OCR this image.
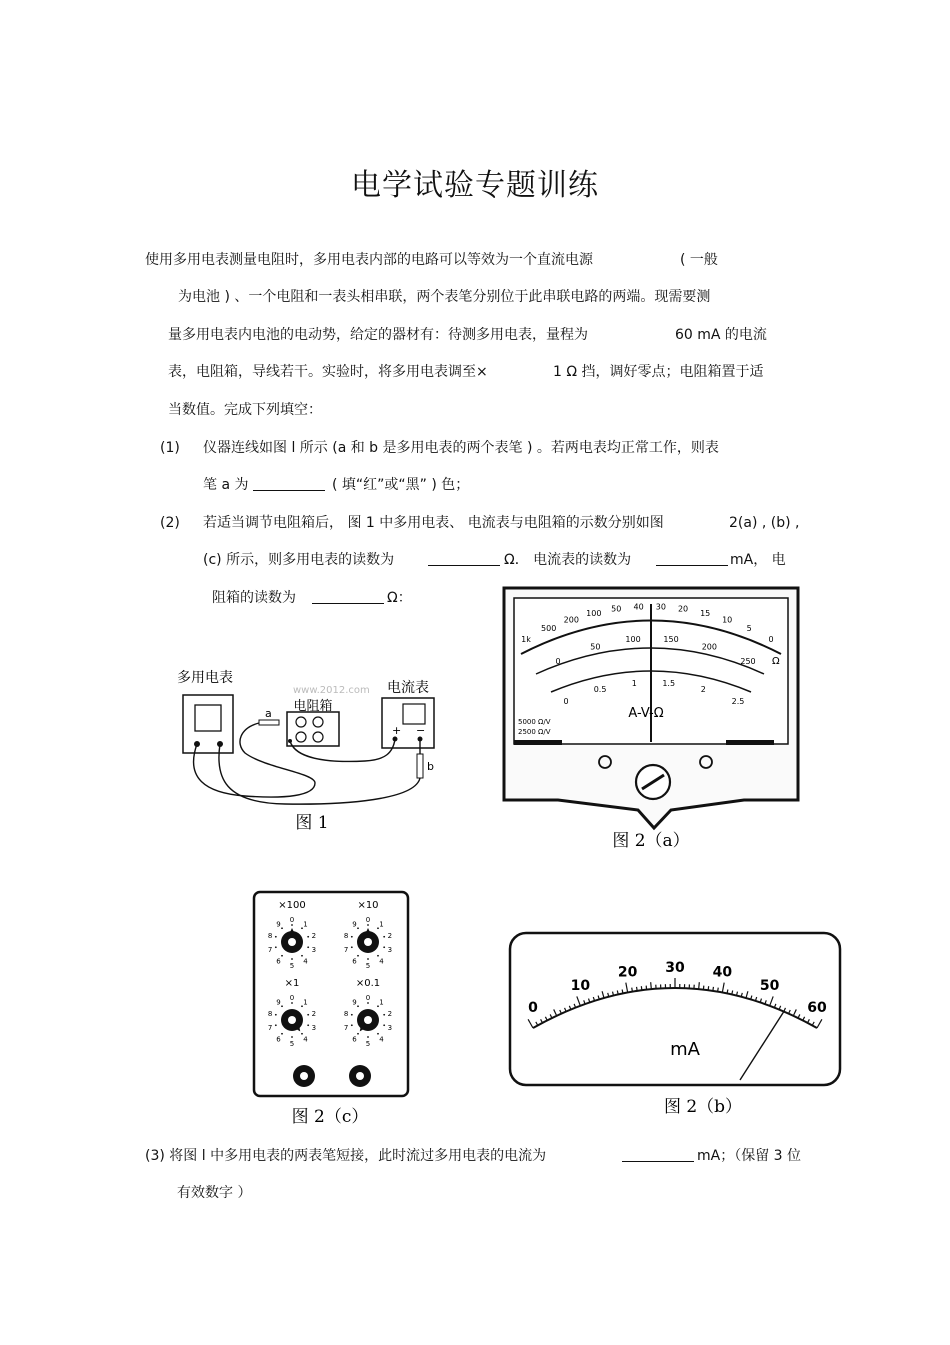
电学试验专题训练
使用多用电表测量电阻时，多用电表内部的电路可以等效为一个直流电源	( 一般
为电池 ) 、一个电阻和一表头相串联，两个表笔分别位于此串联电路的两端。现需要测
量多用电表内电池的电动势，给定的器材有：待测多用电表，量程为	60 mA 的电流
表，电阻箱，导线若干。实验时，将多用电表调至×	1 Ω 挡，调好零点；电阻箱置于适
当数值。完成下列填空：
(1) 仪器连线如图 l 所示 (a 和 b 是多用电表的两个表笔 ) 。若两电表均正常工作，则表
笔 a 为	( 填“红”或“黑” ) 色；
(2) 若适当调节电阻箱后， 图 1 中多用电表、 电流表与电阻箱的示数分别如图	2(a) , (b) ,
(c) 所示，则多用电表的读数为	Ω． 电流表的读数为	mA， 电
阻箱的读数为	Ω：
多用电表
电阻箱
电流表
www.2012.com
+ −
a
b
图 1
1k
500
200
100 50 40 30 20 15
10
5
0
0
50
100	150
200
250
0
0.5
1	1.5
2
2.5
Ω
A-V-Ω
5000 Ω/V
2500 Ω/V
图 2（a）
×100
0
1
2
3
4
5
6
7
8
9
×10
0
1
2
3
4
5
6
7
8
9
×1
0
1
2
3
4
5
6
7
8
9
×0.1
0
1
2
3
4
5
6
7
8
9
图 2（c）
0
10
20 30 40
50
60
mA
图 2（b）
(3) 将图 l 中多用电表的两表笔短接，此时流过多用电表的电流为	mA；（保留 3 位
有效数字 ）
